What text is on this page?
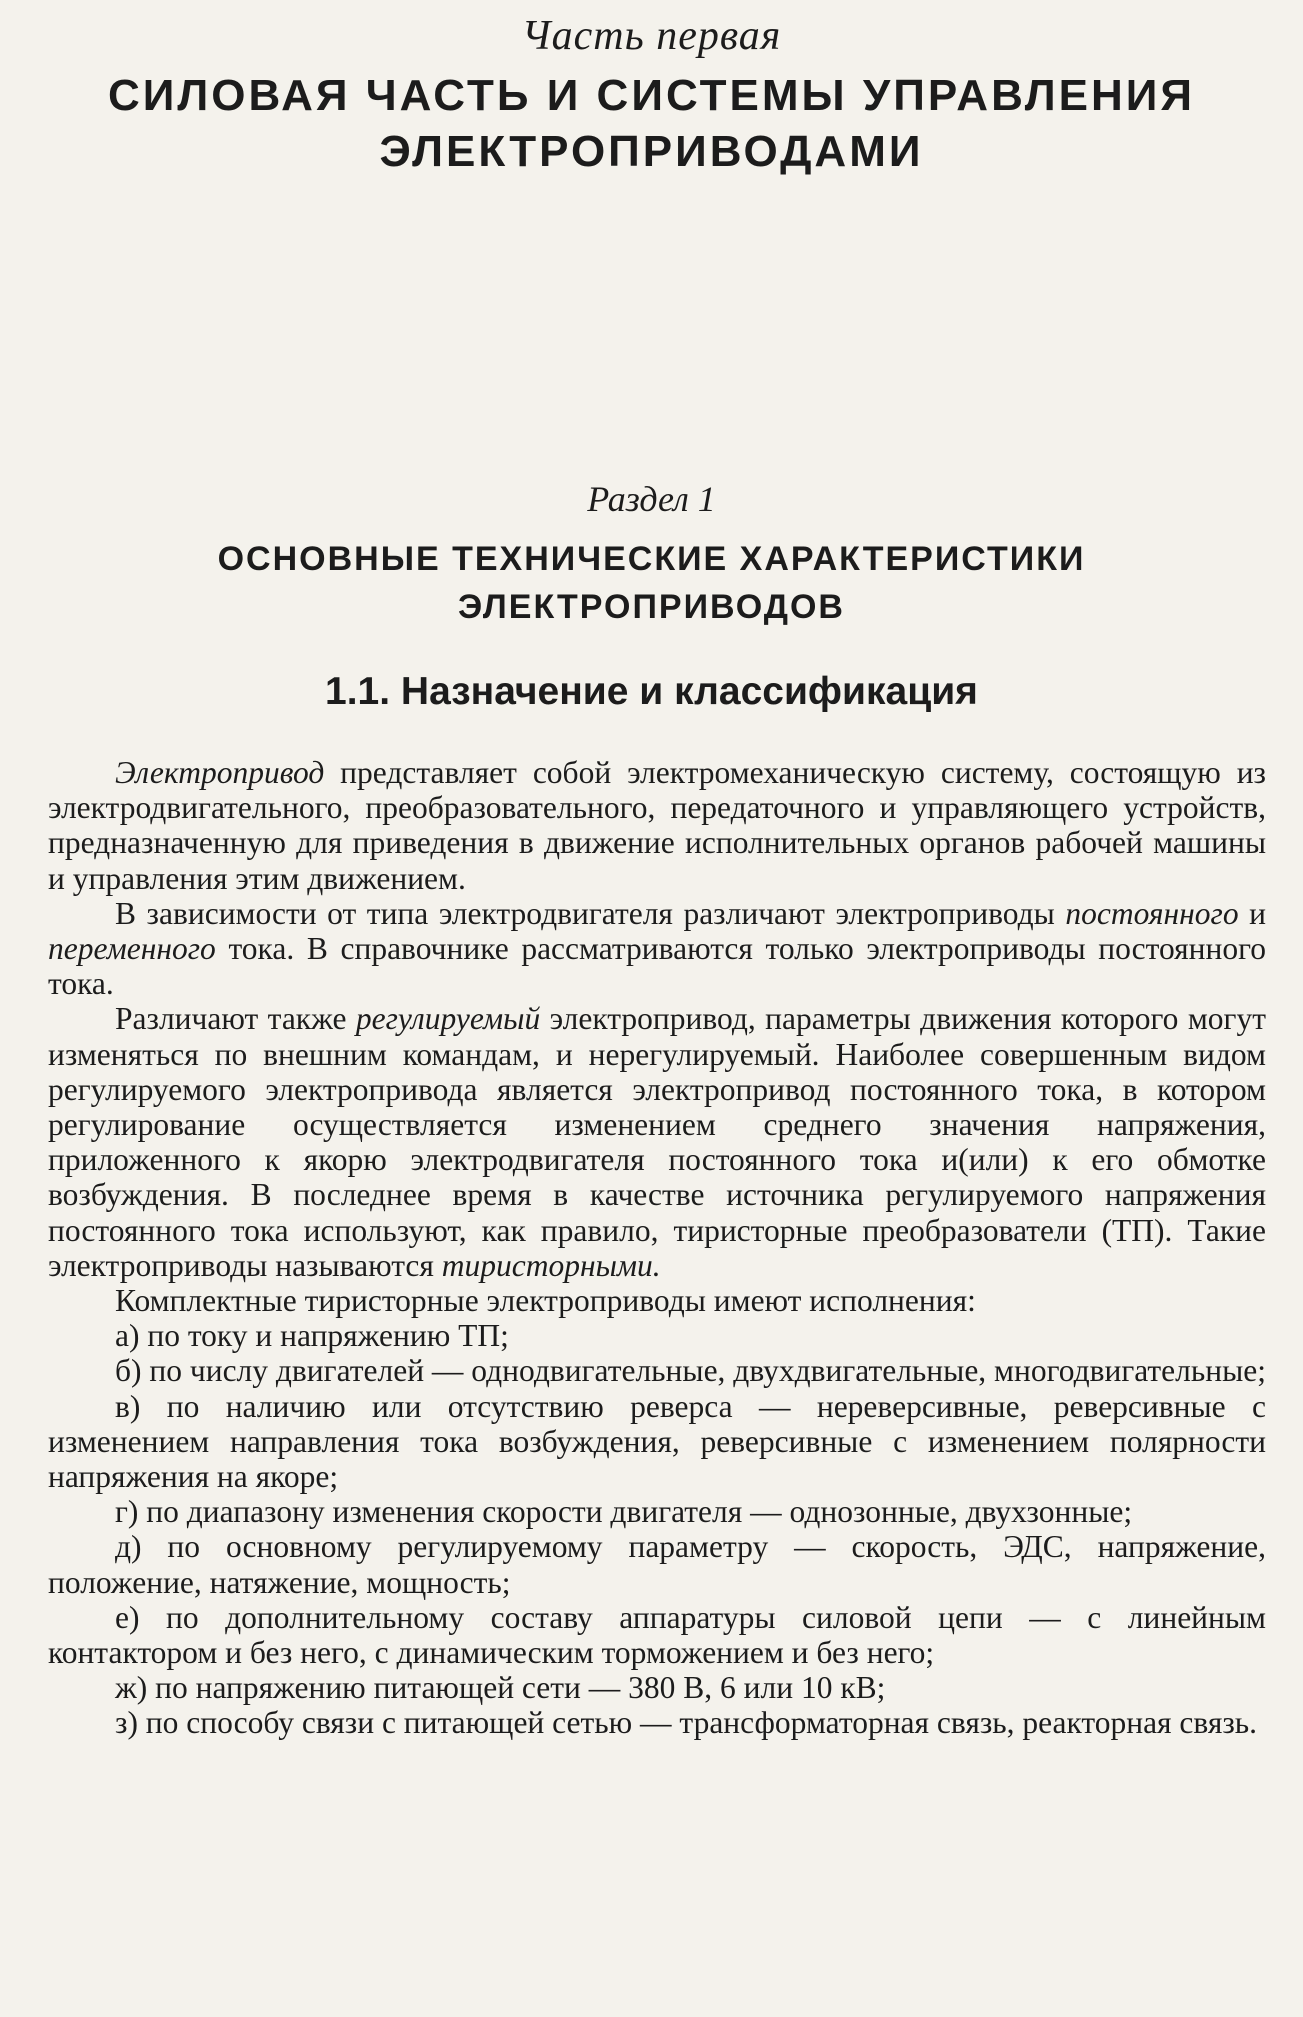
Часть первая
СИЛОВАЯ ЧАСТЬ И СИСТЕМЫ УПРАВЛЕНИЯ
ЭЛЕКТРОПРИВОДАМИ
Раздел 1
ОСНОВНЫЕ ТЕХНИЧЕСКИЕ ХАРАКТЕРИСТИКИ
ЭЛЕКТРОПРИВОДОВ
1.1. Назначение и классификация

Электропривод представляет собой электромеханическую систему, состоящую из электродвигательного, преобразовательного, передаточного и управляющего устройств, предназначенную для приведения в движение исполнительных органов рабочей машины и управления этим движением.

В зависимости от типа электродвигателя различают электроприводы постоянного и переменного тока. В справочнике рассматриваются только электроприводы постоянного тока.

Различают также регулируемый электропривод, параметры движения которого могут изменяться по внешним командам, и нерегулируемый. Наиболее совершенным видом регулируемого электропривода является электропривод постоянного тока, в котором регулирование осуществляется изменением среднего значения напряжения, приложенного к якорю электродвигателя постоянного тока и(или) к его обмотке возбуждения. В последнее время в качестве источника регулируемого напряжения постоянного тока используют, как правило, тиристорные преобразователи (ТП). Такие электроприводы называются тиристорными.

Комплектные тиристорные электроприводы имеют исполнения:

а) по току и напряжению ТП;

б) по числу двигателей — однодвигательные, двухдвигательные, многодвигательные;

в) по наличию или отсутствию реверса — нереверсивные, реверсивные с изменением направления тока возбуждения, реверсивные с изменением полярности напряжения на якоре;

г) по диапазону изменения скорости двигателя — однозонные, двухзонные;

д) по основному регулируемому параметру — скорость, ЭДС, напряжение, положение, натяжение, мощность;

е) по дополнительному составу аппаратуры силовой цепи — с линейным контактором и без него, с динамическим торможением и без него;

ж) по напряжению питающей сети — 380 В, 6 или 10 кВ;

з) по способу связи с питающей сетью — трансформаторная связь, реакторная связь.
